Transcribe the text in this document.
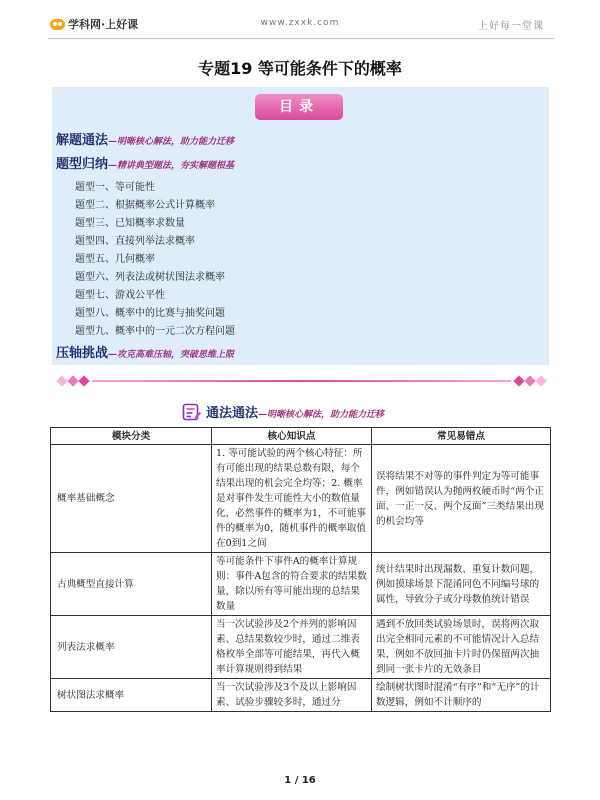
学科网·上好课	www.zxxk.com	上好每一堂课
专题19 等可能条件下的概率
目录
解题通法 —明晰核心解法，助力能力迁移
题型归纳 —精讲典型题法，夯实解题根基
题型一、等可能性
题型二、根据概率公式计算概率
题型三、已知概率求数量
题型四、直接列举法求概率
题型五、几何概率
题型六、列表法或树状图法求概率
题型七、游戏公平性
题型八、概率中的比赛与抽奖问题
题型九、概率中的一元二次方程问题
压轴挑战 —攻克高难压轴，突破思维上限
通法通法 —明晰核心解法，助力能力迁移
模块分类	核心知识点	常见易错点
概率基础概念	1. 等可能试验的两个核心特征：所有可能出现的结果总数有限，每个结果出现的机会完全均等；2. 概率是对事件发生可能性大小的数值量化，必然事件的概率为1，不可能事件的概率为0，随机事件的概率取值在0到1之间	误将结果不对等的事件判定为等可能事件，例如错误认为抛两枚硬币时“两个正面、一正一反、两个反面”三类结果出现的机会均等
古典概型直接计算	等可能条件下事件A的概率计算规则：事件A包含的符合要求的结果数量，除以所有等可能出现的总结果数量	统计结果时出现漏数、重复计数问题，例如摸球场景下混淆同色不同编号球的属性，导致分子或分母数值统计错误
列表法求概率	当一次试验涉及2个并列的影响因素、总结果数较少时，通过二维表格枚举全部等可能结果，再代入概率计算规则得到结果	遇到不放回类试验场景时，误将两次取出完全相同元素的不可能情况计入总结果，例如不放回抽卡片时仍保留两次抽到同一张卡片的无效条目
树状图法求概率	当一次试验涉及3个及以上影响因素、试验步骤较多时，通过分	绘制树状图时混淆“有序”和“无序”的计数逻辑，例如不计顺序的
1 / 16
